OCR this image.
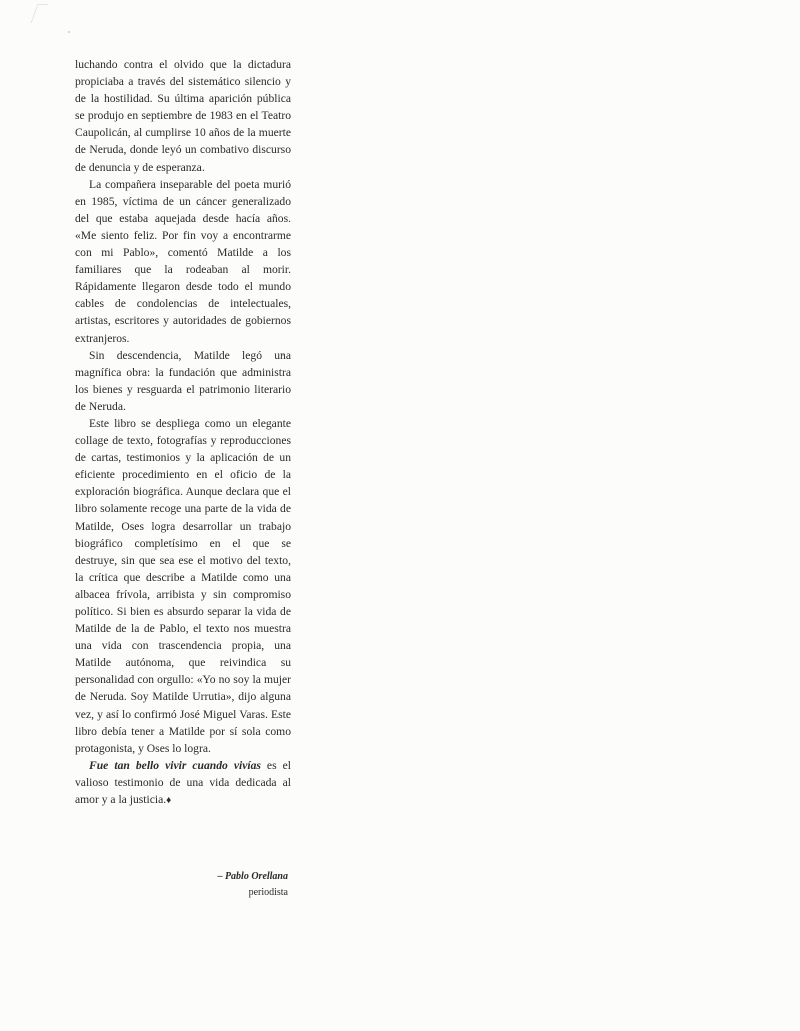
luchando contra el olvido que la dictadura propiciaba a través del sistemático silencio y de la hostilidad. Su última aparición pública se produjo en septiembre de 1983 en el Teatro Caupolicán, al cumplirse 10 años de la muerte de Neruda, donde leyó un combativo discurso de denuncia y de esperanza.

La compañera inseparable del poeta murió en 1985, víctima de un cáncer generalizado del que estaba aquejada desde hacía años. «Me siento feliz. Por fin voy a encontrarme con mi Pablo», comentó Matilde a los familiares que la rodeaban al morir. Rápidamente llegaron desde todo el mundo cables de condolencias de intelectuales, artistas, escritores y autoridades de gobiernos extranjeros.

Sin descendencia, Matilde legó una magnífica obra: la fundación que administra los bienes y resguarda el patrimonio literario de Neruda.

Este libro se despliega como un elegante collage de texto, fotografías y reproducciones de cartas, testimonios y la aplicación de un eficiente procedimiento en el oficio de la exploración biográfica. Aunque declara que el libro solamente recoge una parte de la vida de Matilde, Oses logra desarrollar un trabajo biográfico completísimo en el que se destruye, sin que sea ese el motivo del texto, la crítica que describe a Matilde como una albacea frívola, arribista y sin compromiso político. Si bien es absurdo separar la vida de Matilde de la de Pablo, el texto nos muestra una vida con trascendencia propia, una Matilde autónoma, que reivindica su personalidad con orgullo: «Yo no soy la mujer de Neruda. Soy Matilde Urrutia», dijo alguna vez, y así lo confirmó José Miguel Varas. Este libro debía tener a Matilde por sí sola como protagonista, y Oses lo logra.

Fue tan bello vivir cuando vivías es el valioso testimonio de una vida dedicada al amor y a la justicia.♦

– Pablo Orellana
periodista
